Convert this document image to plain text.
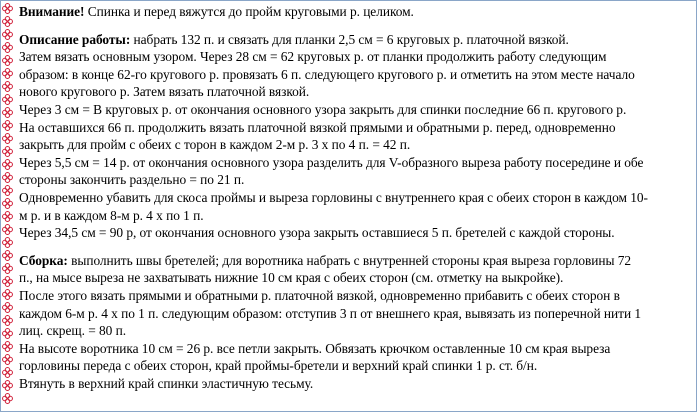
Внимание! Спинка и перед вяжутся до пройм круговыми р. целиком.
Описание работы: набрать 132 п. и связать для планки 2,5 см = 6 круговых р. платочной вязкой.
Затем вязать основным узором. Через 28 см = 62 круговых р. от планки продолжить работу следующим
образом: в конце 62-го кругового р. провязать 6 п. следующего кругового р. и отметить на этом месте начало
нового кругового р. Затем вязать платочной вязкой.
Через 3 см = В круговых р. от окончания основного узора закрыть для спинки последние 66 п. кругового р.
На оставшихся 66 п. продолжить вязать платочной вязкой прямыми и обратными р. перед, одновременно
закрыть для пройм с обеих с торон в каждом 2-м р. 3 х по 4 п. = 42 п.
Через 5,5 см = 14 р. от окончания основного узора разделить для V-образного выреза работу посередине и обе
стороны закончить раздельно = по 21 п.
Одновременно убавить для скоса проймы и выреза горловины с внутреннего края с обеих сторон в каждом 10-
м р. и в каждом 8-м р. 4 х по 1 п.
Через 34,5 см = 90 р, от окончания основного узора закрыть оставшиеся 5 п. бретелей с каждой стороны.
Сборка: выполнить швы бретелей; для воротника набрать с внутренней стороны края выреза горловины 72
п., на мысе выреза не захватывать нижние 10 см края с обеих сторон (см. отметку на выкройке).
После этого вязать прямыми и обратными р. платочной вязкой, одновременно прибавить с обеих сторон в
каждом 6-м р. 4 х по 1 п. следующим образом: отступив 3 п от внешнего края, вывязать из поперечной нити 1
лиц. скрещ. = 80 п.
На высоте воротника 10 см = 26 р. все петли закрыть. Обвязать крючком оставленные 10 см края выреза
горловины переда с обеих сторон, край проймы-бретели и верхний край спинки 1 р. ст. б/н.
Втянуть в верхний край спинки эластичную тесьму.
